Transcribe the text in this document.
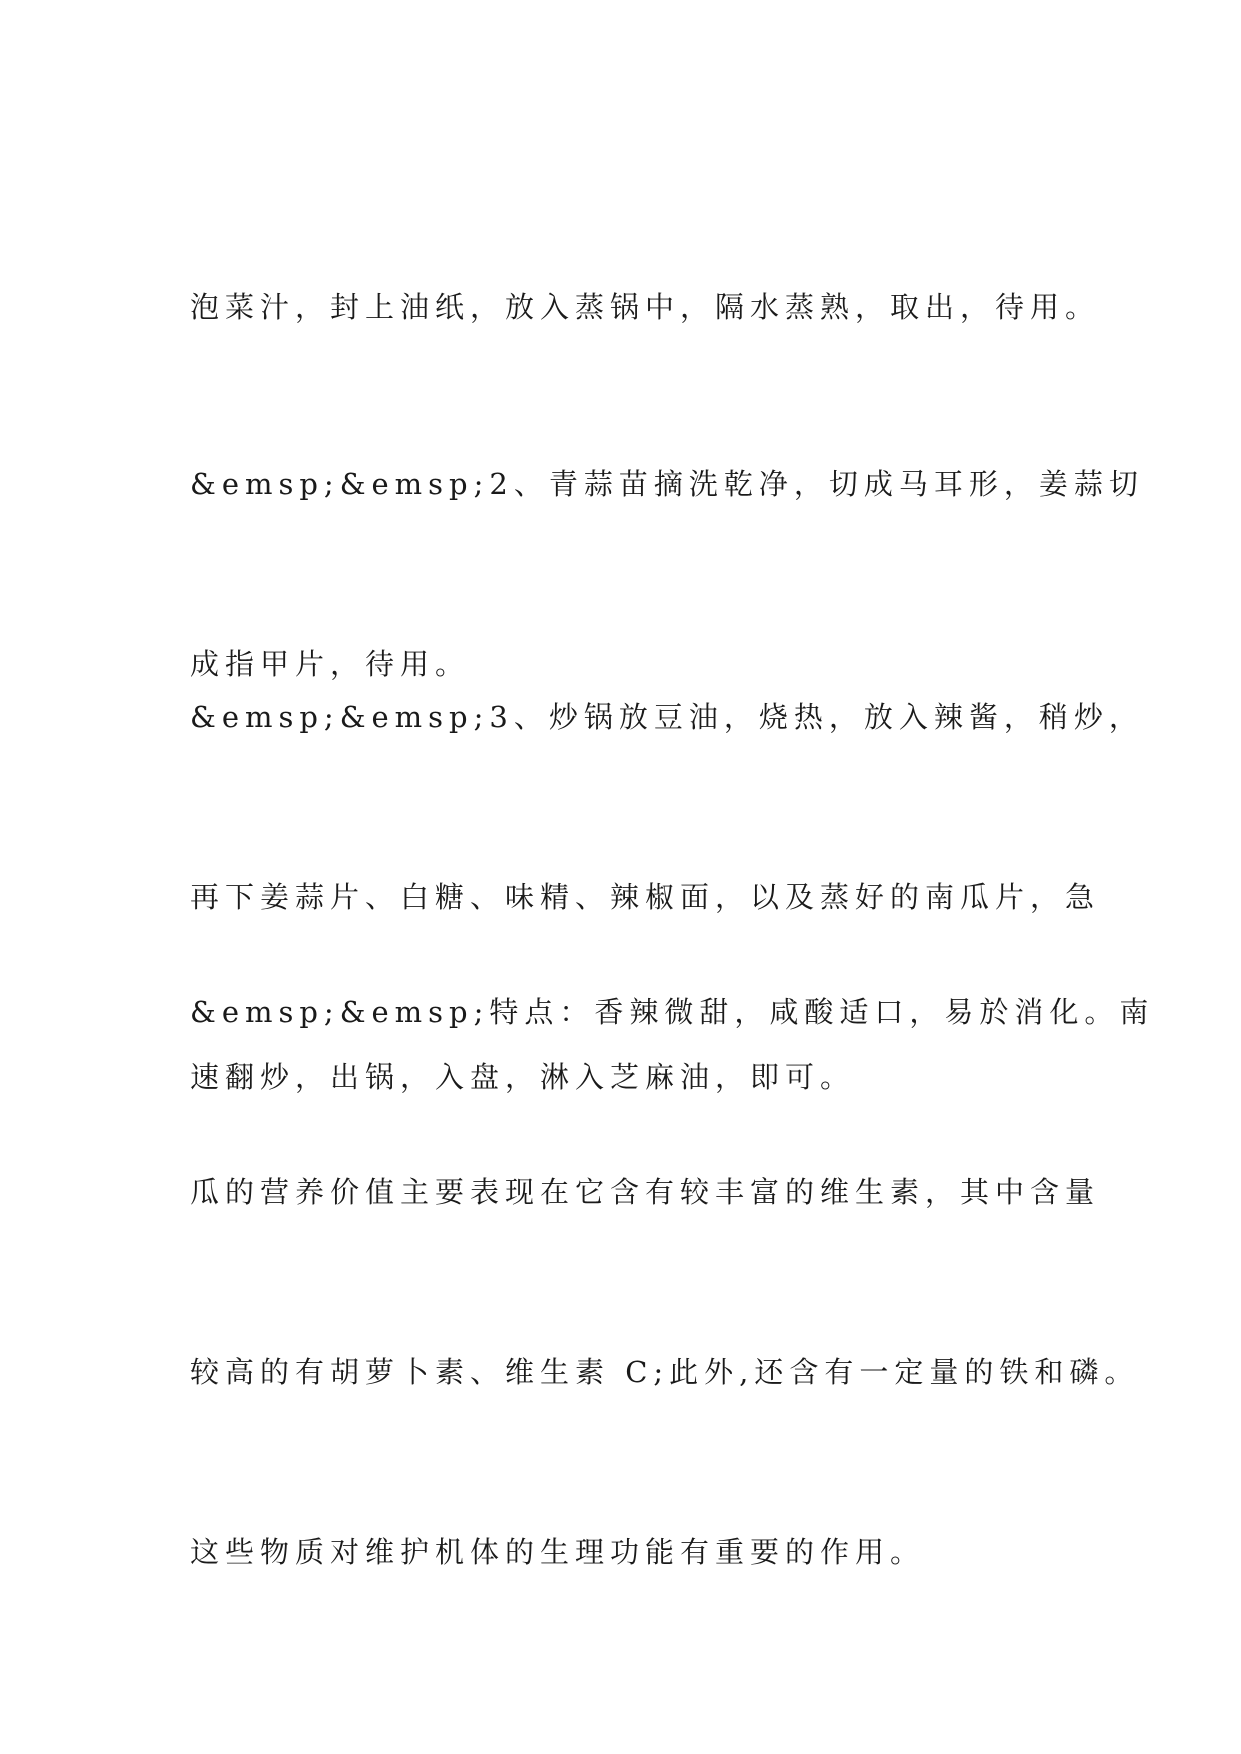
泡菜汁，封上油纸，放入蒸锅中，隔水蒸熟，取出，待用。

&emsp;&emsp;2、青蒜苗摘洗乾净，切成马耳形，姜蒜切

成指甲片，待用。

&emsp;&emsp;3、炒锅放豆油，烧热，放入辣酱，稍炒，

再下姜蒜片、白糖、味精、辣椒面，以及蒸好的南瓜片，急

速翻炒，出锅，入盘，淋入芝麻油，即可。

&emsp;&emsp;特点：香辣微甜，咸酸适口，易於消化。南

瓜的营养价值主要表现在它含有较丰富的维生素，其中含量

较高的有胡萝卜素、维生素 C;此外,还含有一定量的铁和磷。

这些物质对维护机体的生理功能有重要的作用。
